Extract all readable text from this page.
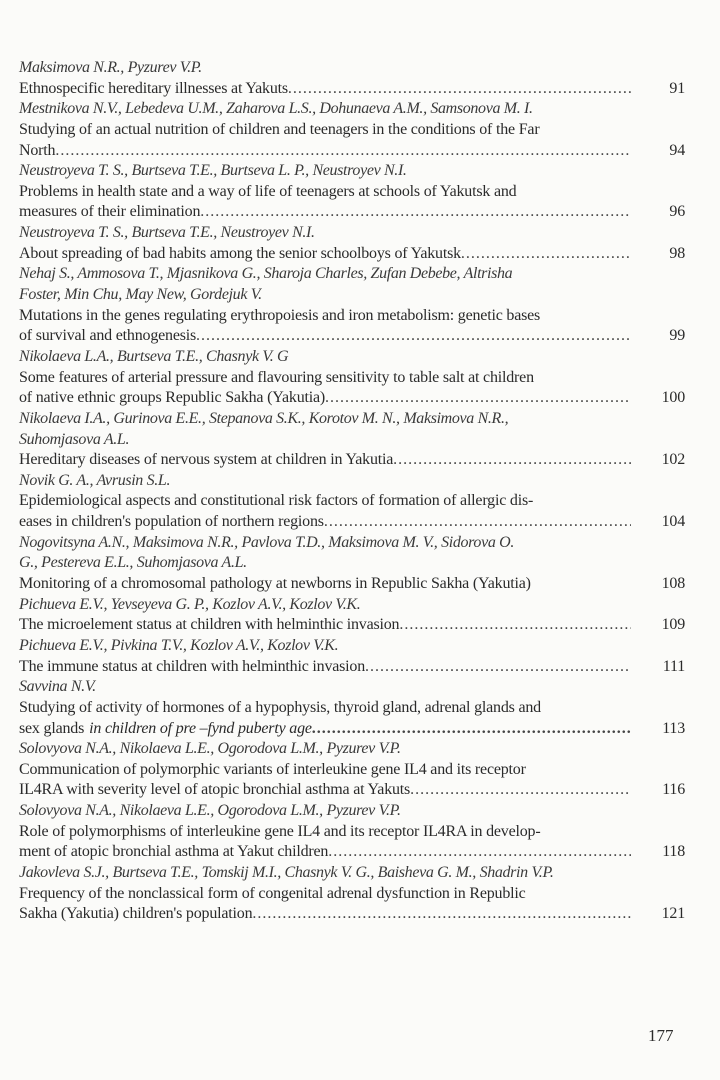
Maksimova N.R., Pyzurev V.P.
Ethnospecific hereditary illnesses at Yakuts .....	91
Mestnikova N.V., Lebedeva U.M., Zaharova L.S., Dohunaeva A.M., Samsonova M. I.
Studying of an actual nutrition of children and teenagers in the conditions of the Far
North .....	94
Neustroyeva T. S., Burtseva T.E., Burtseva L. P., Neustroyev N.I.
Problems in health state and a way of life of teenagers at schools of Yakutsk and
measures of their elimination .....	96
Neustroyeva T. S., Burtseva T.E., Neustroyev N.I.
About spreading of bad habits among the senior schoolboys of Yakutsk .....	98
Nehaj S., Ammosova T., Mjasnikova G., Sharoja Charles, Zufan Debebe, Altrisha
Foster, Min Chu, May New, Gordejuk V.
Mutations in the genes regulating erythropoiesis and iron metabolism: genetic bases
of survival and ethnogenesis .....	99
Nikolaeva L.A., Burtseva T.E., Chasnyk V. G
Some features of arterial pressure and flavouring sensitivity to table salt at children
of native ethnic groups Republic Sakha (Yakutia) .....	100
Nikolaeva I.A., Gurinova E.E., Stepanova S.K., Korotov M. N., Maksimova N.R.,
Suhomjasova A.L.
Hereditary diseases of nervous system at children in Yakutia .....	102
Novik G. A., Avrusin S.L.
Epidemiological aspects and constitutional risk factors of formation of allergic dis-
eases in children's population of northern regions .....	104
Nogovitsyna A.N., Maksimova N.R., Pavlova T.D., Maksimova M. V., Sidorova O.
G., Pestereva E.L., Suhomjasova A.L.
Monitoring of a chromosomal pathology at newborns in Republic Sakha (Yakutia)	108
Pichueva E.V., Yevseyeva G. P., Kozlov A.V., Kozlov V.K.
The microelement status at children with helminthic invasion .....	109
Pichueva E.V., Pivkina T.V., Kozlov A.V., Kozlov V.K.
The immune status at children with helminthic invasion .....	111
Savvina N.V.
Studying of activity of hormones of a hypophysis, thyroid gland, adrenal glands and
sex glands in children of pre –fynd puberty age .....	113
Solovyova N.A., Nikolaeva L.E., Ogorodova L.M., Pyzurev V.P.
Communication of polymorphic variants of interleukine gene IL4 and its receptor
IL4RA with severity level of atopic bronchial asthma at Yakuts .....	116
Solovyova N.A., Nikolaeva L.E., Ogorodova L.M., Pyzurev V.P.
Role of polymorphisms of interleukine gene IL4 and its receptor IL4RA in develop-
ment of atopic bronchial asthma at Yakut children .....	118
Jakovleva S.J., Burtseva T.E., Tomskij M.I., Chasnyk V. G., Baisheva G. M., Shadrin V.P.
Frequency of the nonclassical form of congenital adrenal dysfunction in Republic
Sakha (Yakutia) children's population .....	121
177
